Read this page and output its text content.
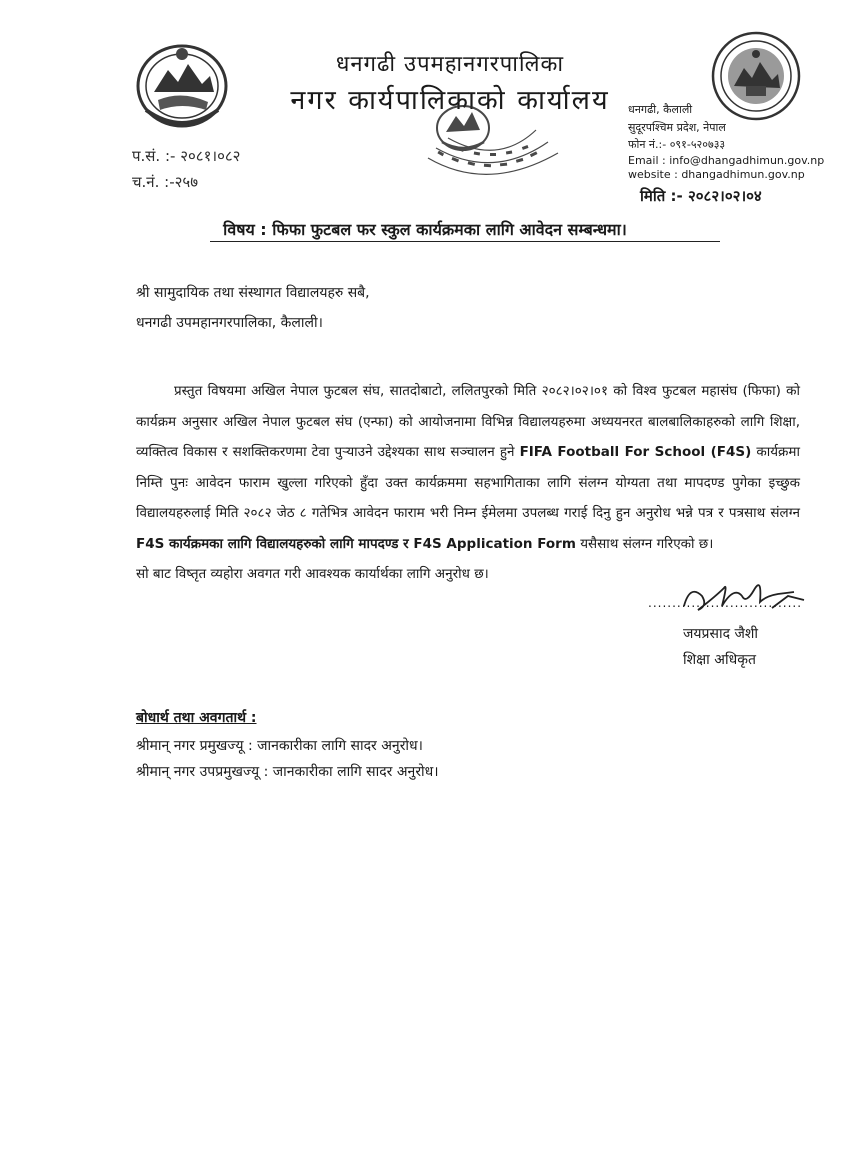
धनगढी उपमहानगरपालिका
नगर कार्यपालिकाको कार्यालय	धनगढी, कैलाली
सुदूरपश्चिम प्रदेश, नेपाल
फोन नं.:- ०९१-५२०७३३
Email : info@dhangadhimun.gov.np
website : dhangadhimun.gov.np
प.सं. :- २०८१।०८२
च.नं. :-२५७
मिति :- २०८२।०२।०४
विषय : फिफा फुटबल फर स्कुल कार्यक्रमका लागि आवेदन सम्बन्धमा।
श्री सामुदायिक तथा संस्थागत विद्यालयहरु सबै,
धनगढी उपमहानगरपालिका, कैलाली।

प्रस्तुत विषयमा अखिल नेपाल फुटबल संघ, सातदोबाटो, ललितपुरको मिति २०८२।०२।०१ को विश्व फुटबल महासंघ (फिफा) को कार्यक्रम अनुसार अखिल नेपाल फुटबल संघ (एन्फा) को आयोजनामा विभिन्न विद्यालयहरुमा अध्ययनरत बालबालिकाहरुको लागि शिक्षा, व्यक्तित्व विकास र सशक्तिकरणमा टेवा पुऱ्याउने उद्देश्यका साथ सञ्चालन हुने FIFA Football For School (F4S) कार्यक्रमा निम्ति पुनः आवेदन फाराम खुल्ला गरिएको हुँदा उक्त कार्यक्रममा सहभागिताका लागि संलग्न योग्यता तथा मापदण्ड पुगेका इच्छुक विद्यालयहरुलाई मिति २०८२ जेठ ८ गतेभित्र आवेदन फाराम भरी निम्न ईमेलमा उपलब्ध गराई दिनु हुन अनुरोध भन्ने पत्र र पत्रसाथ संलग्न F4S कार्यक्रमका लागि विद्यालयहरुको लागि मापदण्ड र F4S Application Form यसैसाथ संलग्न गरिएको छ।

सो बाट विष्तृत व्यहोरा अवगत गरी आवश्यक कार्यार्थका लागि अनुरोध छ।

................................
जयप्रसाद जैशी
शिक्षा अधिकृत
बोधार्थ तथा अवगतार्थ :
श्रीमान् नगर प्रमुखज्यू : जानकारीका लागि सादर अनुरोध।
श्रीमान् नगर उपप्रमुखज्यू : जानकारीका लागि सादर अनुरोध।
